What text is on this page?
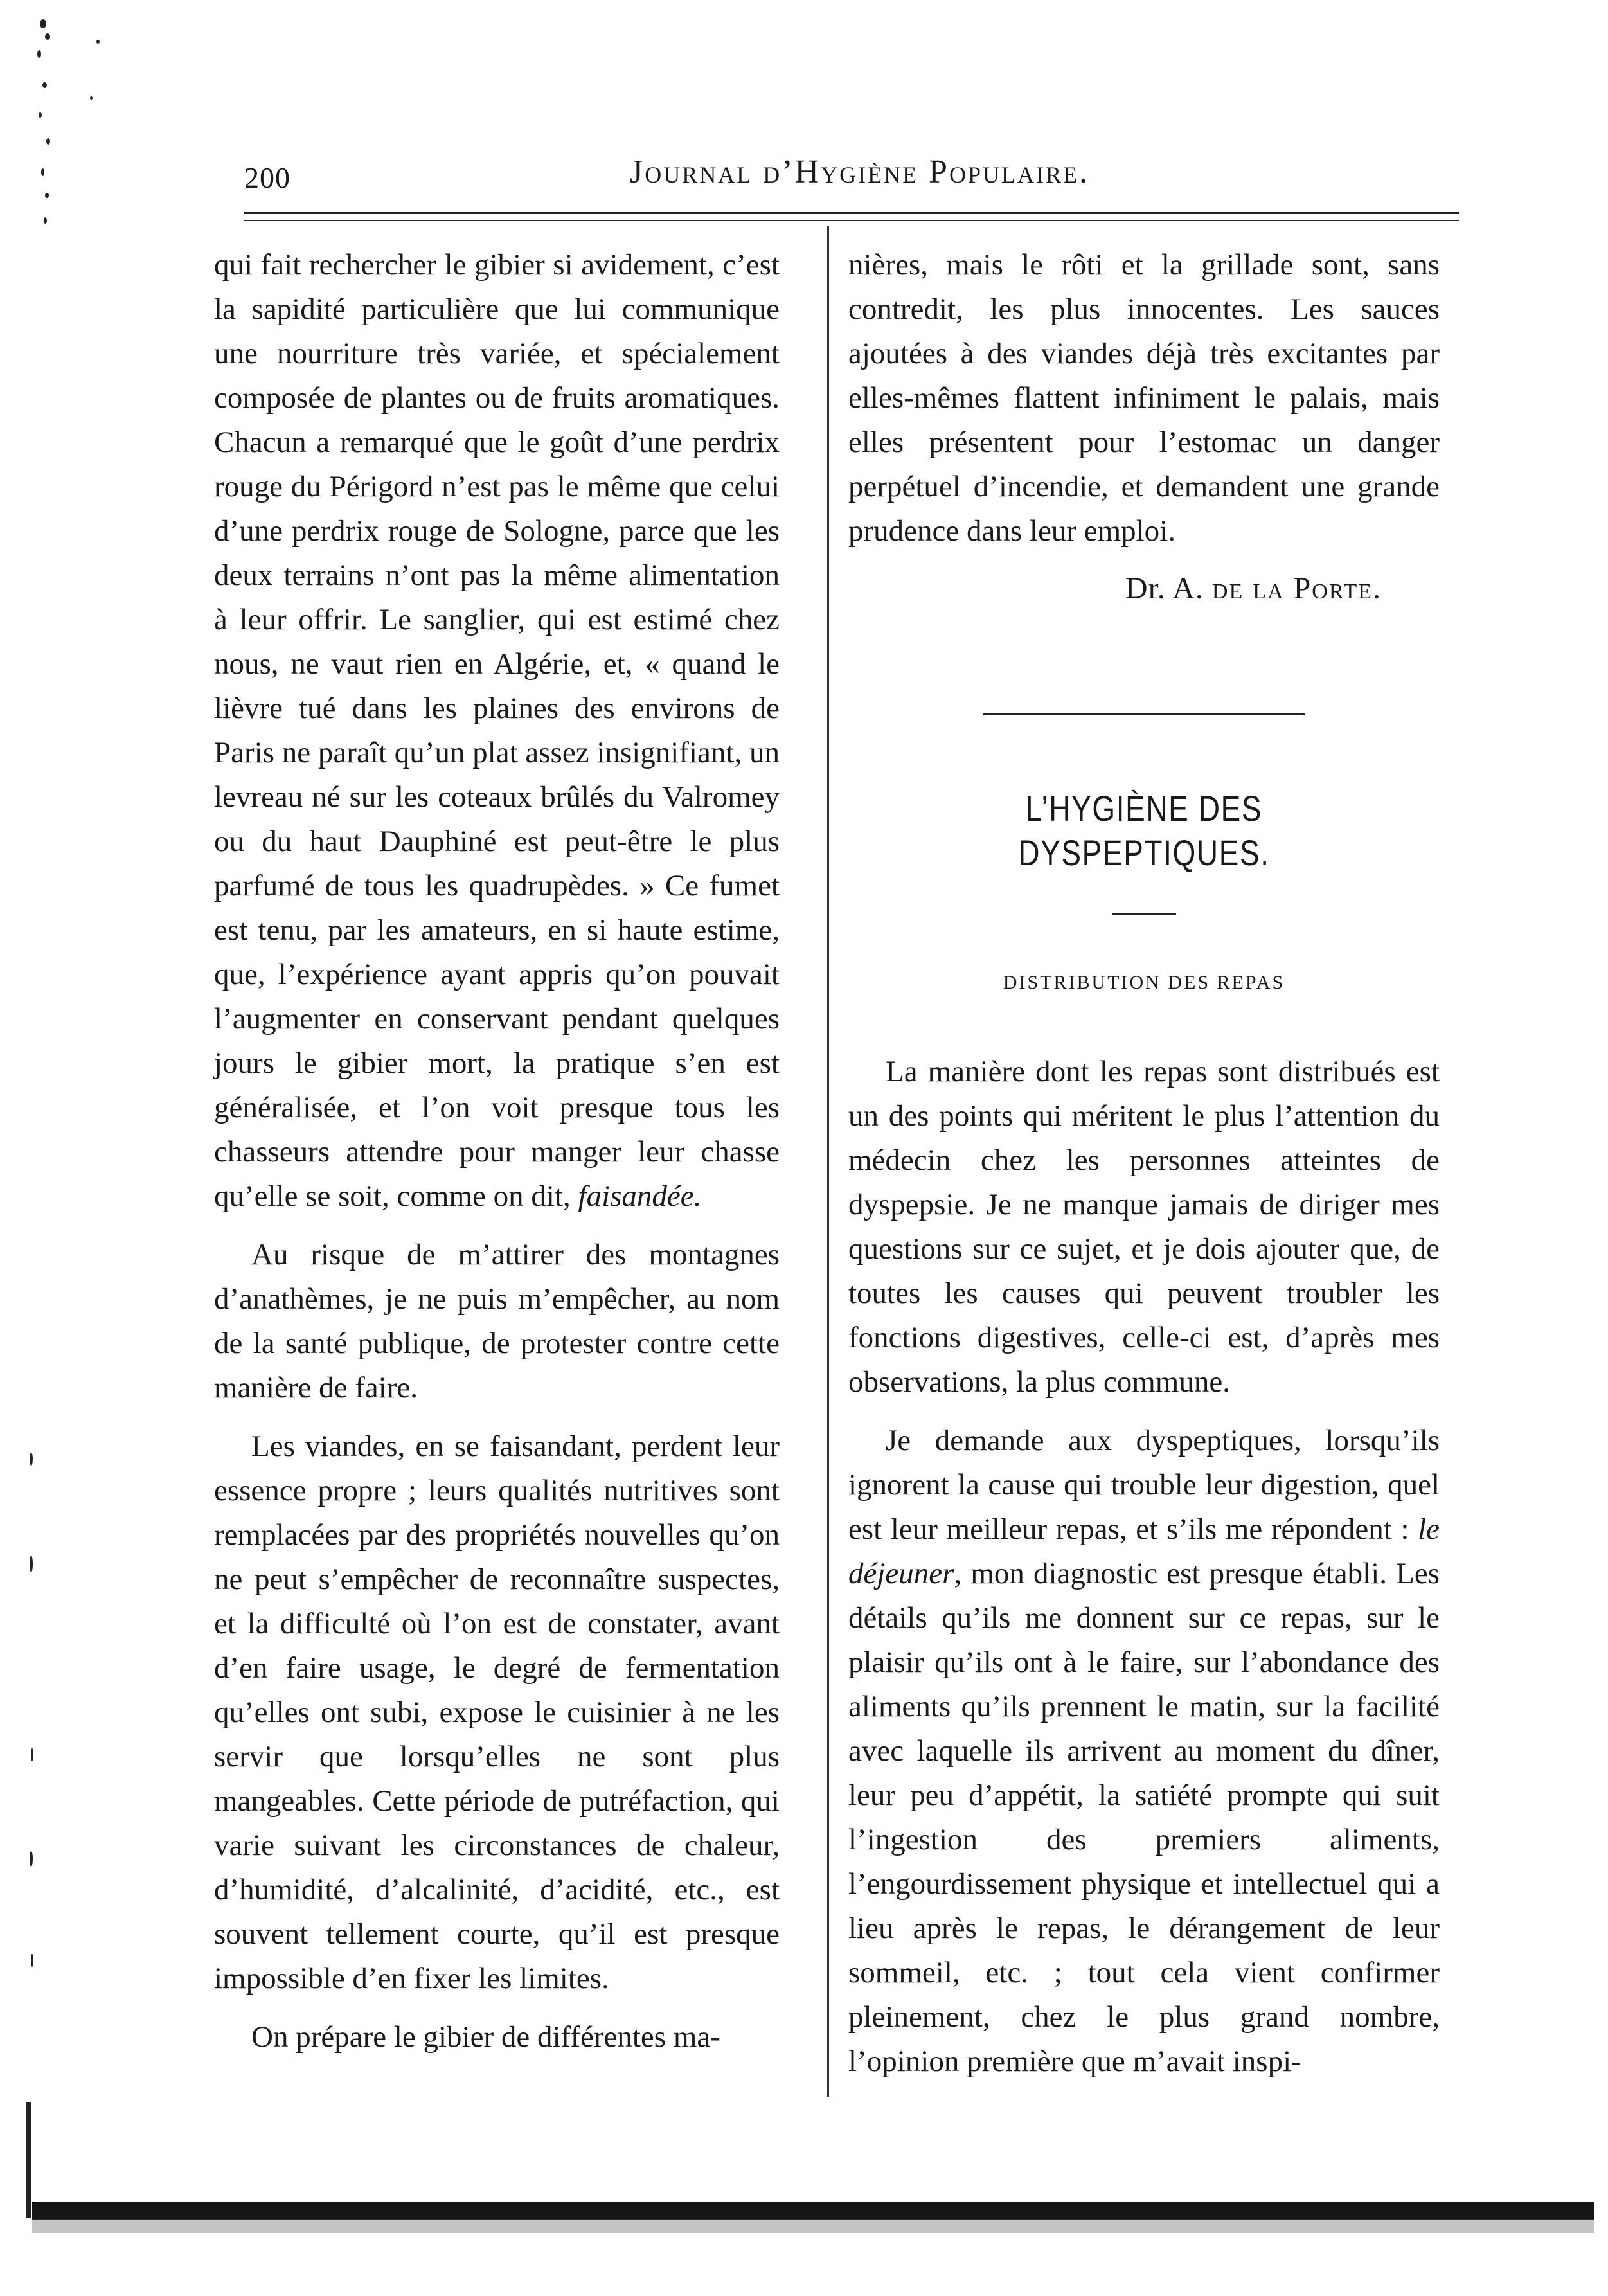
200	Journal d’Hygiène Populaire.

qui fait rechercher le gibier si avidement, c’est la sapidité particulière que lui communique une nourriture très variée, et spécialement composée de plantes ou de fruits aromatiques. Chacun a remarqué que le goût d’une perdrix rouge du Périgord n’est pas le même que celui d’une perdrix rouge de Sologne, parce que les deux terrains n’ont pas la même alimentation à leur offrir. Le sanglier, qui est estimé chez nous, ne vaut rien en Algérie, et, « quand le lièvre tué dans les plaines des environs de Paris ne paraît qu’un plat assez insignifiant, un levreau né sur les coteaux brûlés du Valromey ou du haut Dauphiné est peut-être le plus parfumé de tous les quadrupèdes. » Ce fumet est tenu, par les amateurs, en si haute estime, que, l’expérience ayant appris qu’on pouvait l’augmenter en conservant pendant quelques jours le gibier mort, la pratique s’en est généralisée, et l’on voit presque tous les chasseurs attendre pour manger leur chasse qu’elle se soit, comme on dit, faisandée.

Au risque de m’attirer des montagnes d’anathèmes, je ne puis m’empêcher, au nom de la santé publique, de protester contre cette manière de faire.

Les viandes, en se faisandant, perdent leur essence propre ; leurs qualités nutritives sont remplacées par des propriétés nouvelles qu’on ne peut s’empêcher de reconnaître suspectes, et la difficulté où l’on est de constater, avant d’en faire usage, le degré de fermentation qu’elles ont subi, expose le cuisinier à ne les servir que lorsqu’elles ne sont plus mangeables. Cette période de putréfaction, qui varie suivant les circonstances de chaleur, d’humidité, d’alcalinité, d’acidité, etc., est souvent tellement courte, qu’il est presque impossible d’en fixer les limites.

On prépare le gibier de différentes ma-

nières, mais le rôti et la grillade sont, sans contredit, les plus innocentes. Les sauces ajoutées à des viandes déjà très excitantes par elles-mêmes flattent infiniment le palais, mais elles présentent pour l’estomac un danger perpétuel d’incendie, et demandent une grande prudence dans leur emploi.

Dr. A. de la Porte.

L’HYGIÈNE DES DYSPEPTIQUES.

DISTRIBUTION DES REPAS

La manière dont les repas sont distribués est un des points qui méritent le plus l’attention du médecin chez les personnes atteintes de dyspepsie. Je ne manque jamais de diriger mes questions sur ce sujet, et je dois ajouter que, de toutes les causes qui peuvent troubler les fonctions digestives, celle-ci est, d’après mes observations, la plus commune.

Je demande aux dyspeptiques, lorsqu’ils ignorent la cause qui trouble leur digestion, quel est leur meilleur repas, et s’ils me répondent : le déjeuner, mon diagnostic est presque établi. Les détails qu’ils me donnent sur ce repas, sur le plaisir qu’ils ont à le faire, sur l’abondance des aliments qu’ils prennent le matin, sur la facilité avec laquelle ils arrivent au moment du dîner, leur peu d’appétit, la satiété prompte qui suit l’ingestion des premiers aliments, l’engourdissement physique et intellectuel qui a lieu après le repas, le dérangement de leur sommeil, etc. ; tout cela vient confirmer pleinement, chez le plus grand nombre, l’opinion première que m’avait inspi-
